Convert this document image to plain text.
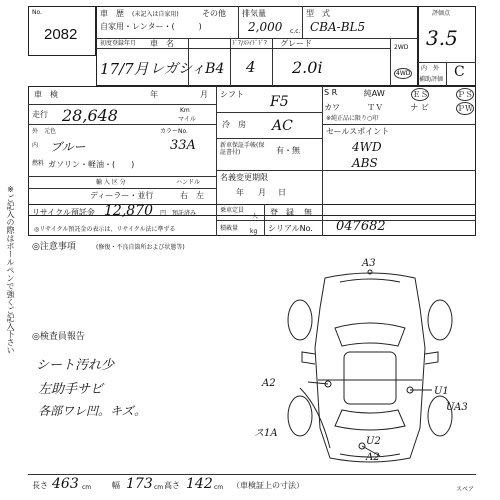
※ご記入の際はボールペンで強くご記入下さい
No.
2082
車　歴 (未記入は自家用)	その他
自家用・レンター・(　　　)
排気量
2,000 c.c.
型　式
CBA-BL5
初度登録年月 車　名
17/7月 レガシィB4
ﾄﾞｱ/ｽﾗｲﾄﾞﾄﾞｱ
4
グレード
2.0i
2WD
4WD
評価点
3.5
内　外
補助評価 C
車　検	年	月
走行 28,648	Km
マイル
シフト F5
冷　房 AC
S R	純AW	ＥＳ	ＰＳ
カワ	ＴＶ	ナ ビ	ＰＷ
※純正品に限り○印
外
内
元色	カラーNo.
ブルー	33A
燃料 ガソリン・軽油・(　　)
輸 入 区 分	ハンドル
ディーラー・並行	右　左
新車保証手帳(保証書付)	有・無
セールスポイント
4WD
ABS
名義変更期限
年 月 日
リサイクル預託金 12,870 円 預託済み
◎リサイクル預託金の表示は、リサイクル法に準ずる
乗車定員
人
積載量 kg
登　録 無
シリアルNo. 047682
◎注意事項	(修復・不良自箇所および状態等)
◎検査員報告
シート汚れ少
左助手サビ
各部ワレ凹。キズ。
A3
A2
U1
UA3
ス1A
U2
A2
長さ 463 cm	幅 173 cm 高さ 142 cm （車検証上の寸法）	スペア
